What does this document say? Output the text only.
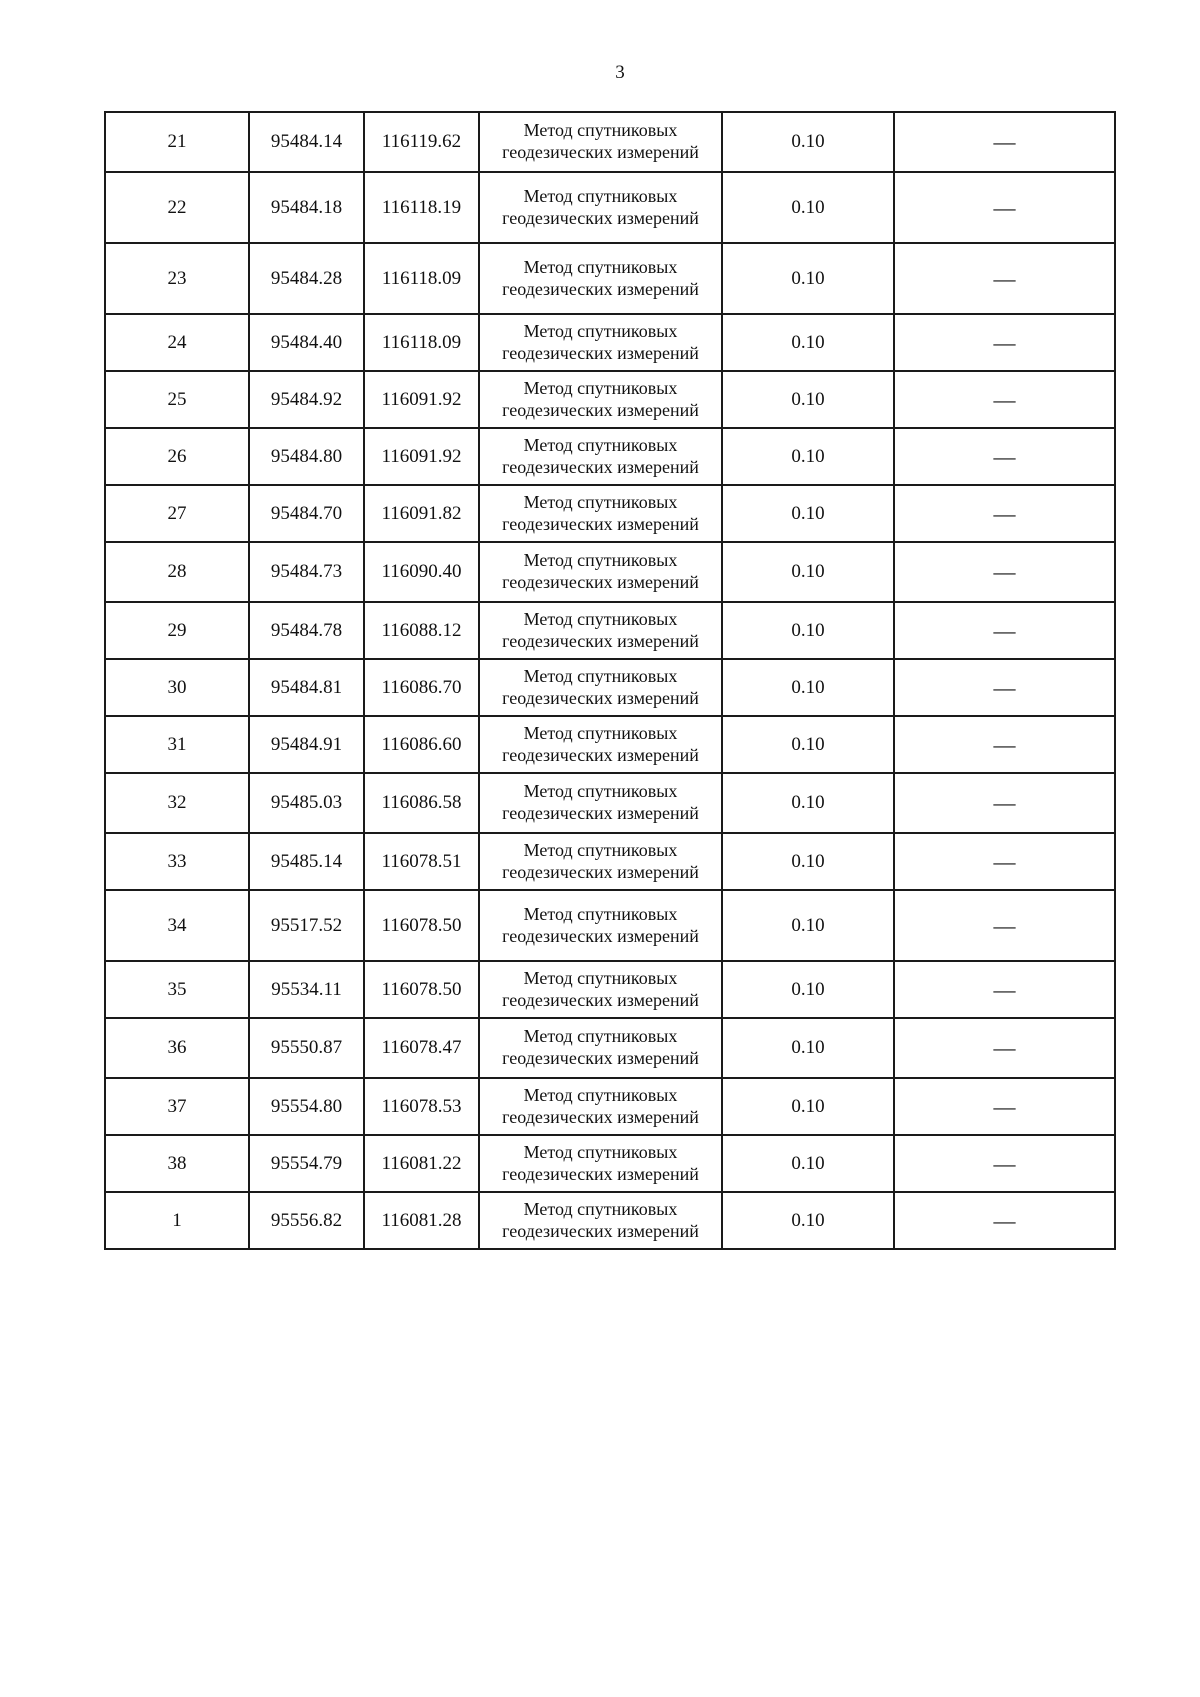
3
21	95484.14	116119.62	Метод спутниковых
геодезических измерений	0.10	—
22	95484.18	116118.19	Метод спутниковых
геодезических измерений	0.10	—
23	95484.28	116118.09	Метод спутниковых
геодезических измерений	0.10	—
24	95484.40	116118.09	Метод спутниковых
геодезических измерений	0.10	—
25	95484.92	116091.92	Метод спутниковых
геодезических измерений	0.10	—
26	95484.80	116091.92	Метод спутниковых
геодезических измерений	0.10	—
27	95484.70	116091.82	Метод спутниковых
геодезических измерений	0.10	—
28	95484.73	116090.40	Метод спутниковых
геодезических измерений	0.10	—
29	95484.78	116088.12	Метод спутниковых
геодезических измерений	0.10	—
30	95484.81	116086.70	Метод спутниковых
геодезических измерений	0.10	—
31	95484.91	116086.60	Метод спутниковых
геодезических измерений	0.10	—
32	95485.03	116086.58	Метод спутниковых
геодезических измерений	0.10	—
33	95485.14	116078.51	Метод спутниковых
геодезических измерений	0.10	—
34	95517.52	116078.50	Метод спутниковых
геодезических измерений	0.10	—
35	95534.11	116078.50	Метод спутниковых
геодезических измерений	0.10	—
36	95550.87	116078.47	Метод спутниковых
геодезических измерений	0.10	—
37	95554.80	116078.53	Метод спутниковых
геодезических измерений	0.10	—
38	95554.79	116081.22	Метод спутниковых
геодезических измерений	0.10	—
1	95556.82	116081.28	Метод спутниковых
геодезических измерений	0.10	—
